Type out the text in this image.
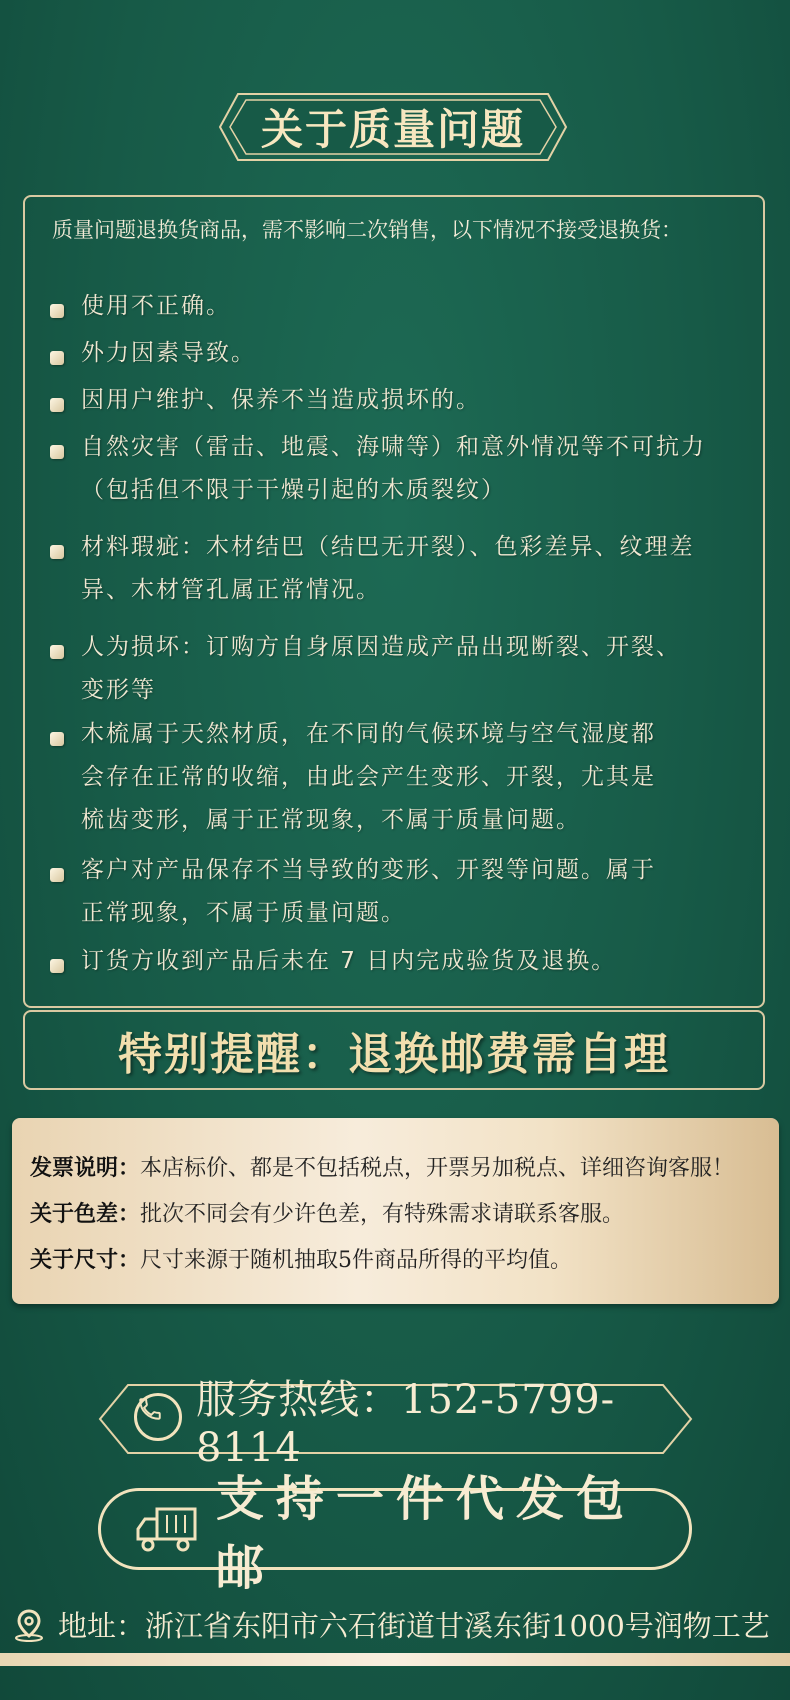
关于质量问题
质量问题退换货商品，需不影响二次销售，以下情况不接受退换货：
使用不正确。
外力因素导致。
因用户维护、保养不当造成损坏的。
自然灾害（雷击、地震、海啸等）和意外情况等不可抗力
（包括但不限于干燥引起的木质裂纹）
材料瑕疵：木材结巴（结巴无开裂）、色彩差异、纹理差
异、木材管孔属正常情况。
人为损坏：订购方自身原因造成产品出现断裂、开裂、
变形等
木梳属于天然材质，在不同的气候环境与空气湿度都
会存在正常的收缩，由此会产生变形、开裂，尤其是
梳齿变形，属于正常现象，不属于质量问题。
客户对产品保存不当导致的变形、开裂等问题。属于
正常现象，不属于质量问题。
订货方收到产品后未在 7 日内完成验货及退换。
特别提醒：退换邮费需自理
发票说明：本店标价、都是不包括税点，开票另加税点、详细咨询客服！
关于色差：批次不同会有少许色差，有特殊需求请联系客服。
关于尺寸：尺寸来源于随机抽取5件商品所得的平均值。
服务热线：152-5799-8114
支持一件代发包邮
地址：浙江省东阳市六石街道甘溪东街1000号润物工艺
